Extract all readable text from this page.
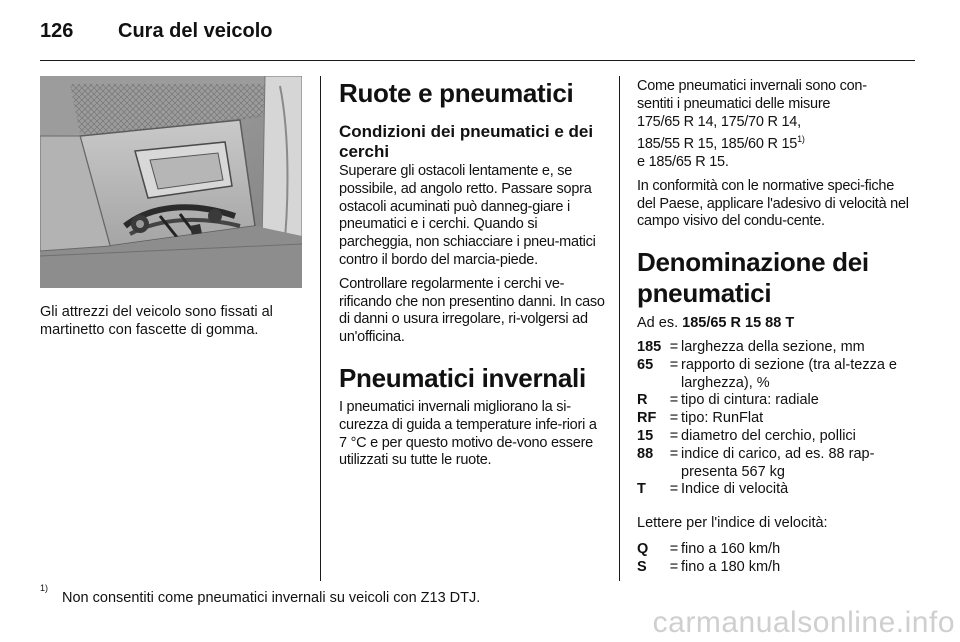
126 Cura del veicolo

Gli attrezzi del veicolo sono fissati al martinetto con fascette di gomma.

Ruote e pneumatici
Condizioni dei pneumatici e dei cerchi

Superare gli ostacoli lentamente e, se possibile, ad angolo retto. Passare sopra ostacoli acuminati può danneg-giare i pneumatici e i cerchi. Quando si parcheggia, non schiacciare i pneu-matici contro il bordo del marcia-piede.

Controllare regolarmente i cerchi ve-rificando che non presentino danni. In caso di danni o usura irregolare, ri-volgersi ad un'officina.

Pneumatici invernali

I pneumatici invernali migliorano la si-curezza di guida a temperature infe-riori a 7 °C e per questo motivo de-vono essere utilizzati su tutte le ruote.

Come pneumatici invernali sono con-
sentiti i pneumatici delle misure
175/65 R 14, 175/70 R 14,
185/55 R 15, 185/60 R 15$^{1)}$
e 185/65 R 15.

In conformità con le normative speci-fiche del Paese, applicare l'adesivo di velocità nel campo visivo del condu-cente.

Denominazione dei pneumatici

Ad es. 185/65 R 15 88 T

185	=	larghezza della sezione, mm
65	=	rapporto di sezione (tra al-tezza e larghezza), %
R	=	tipo di cintura: radiale
RF	=	tipo: RunFlat
15	=	diametro del cerchio, pollici
88	=	indice di carico, ad es. 88 rap-presenta 567 kg
T	=	Indice di velocità

Lettere per l'indice di velocità:

Q	=	fino a 160 km/h
S	=	fino a 180 km/h
$^{1)}$Non consentiti come pneumatici invernali su veicoli con Z13 DTJ.
carmanualsonline.info
